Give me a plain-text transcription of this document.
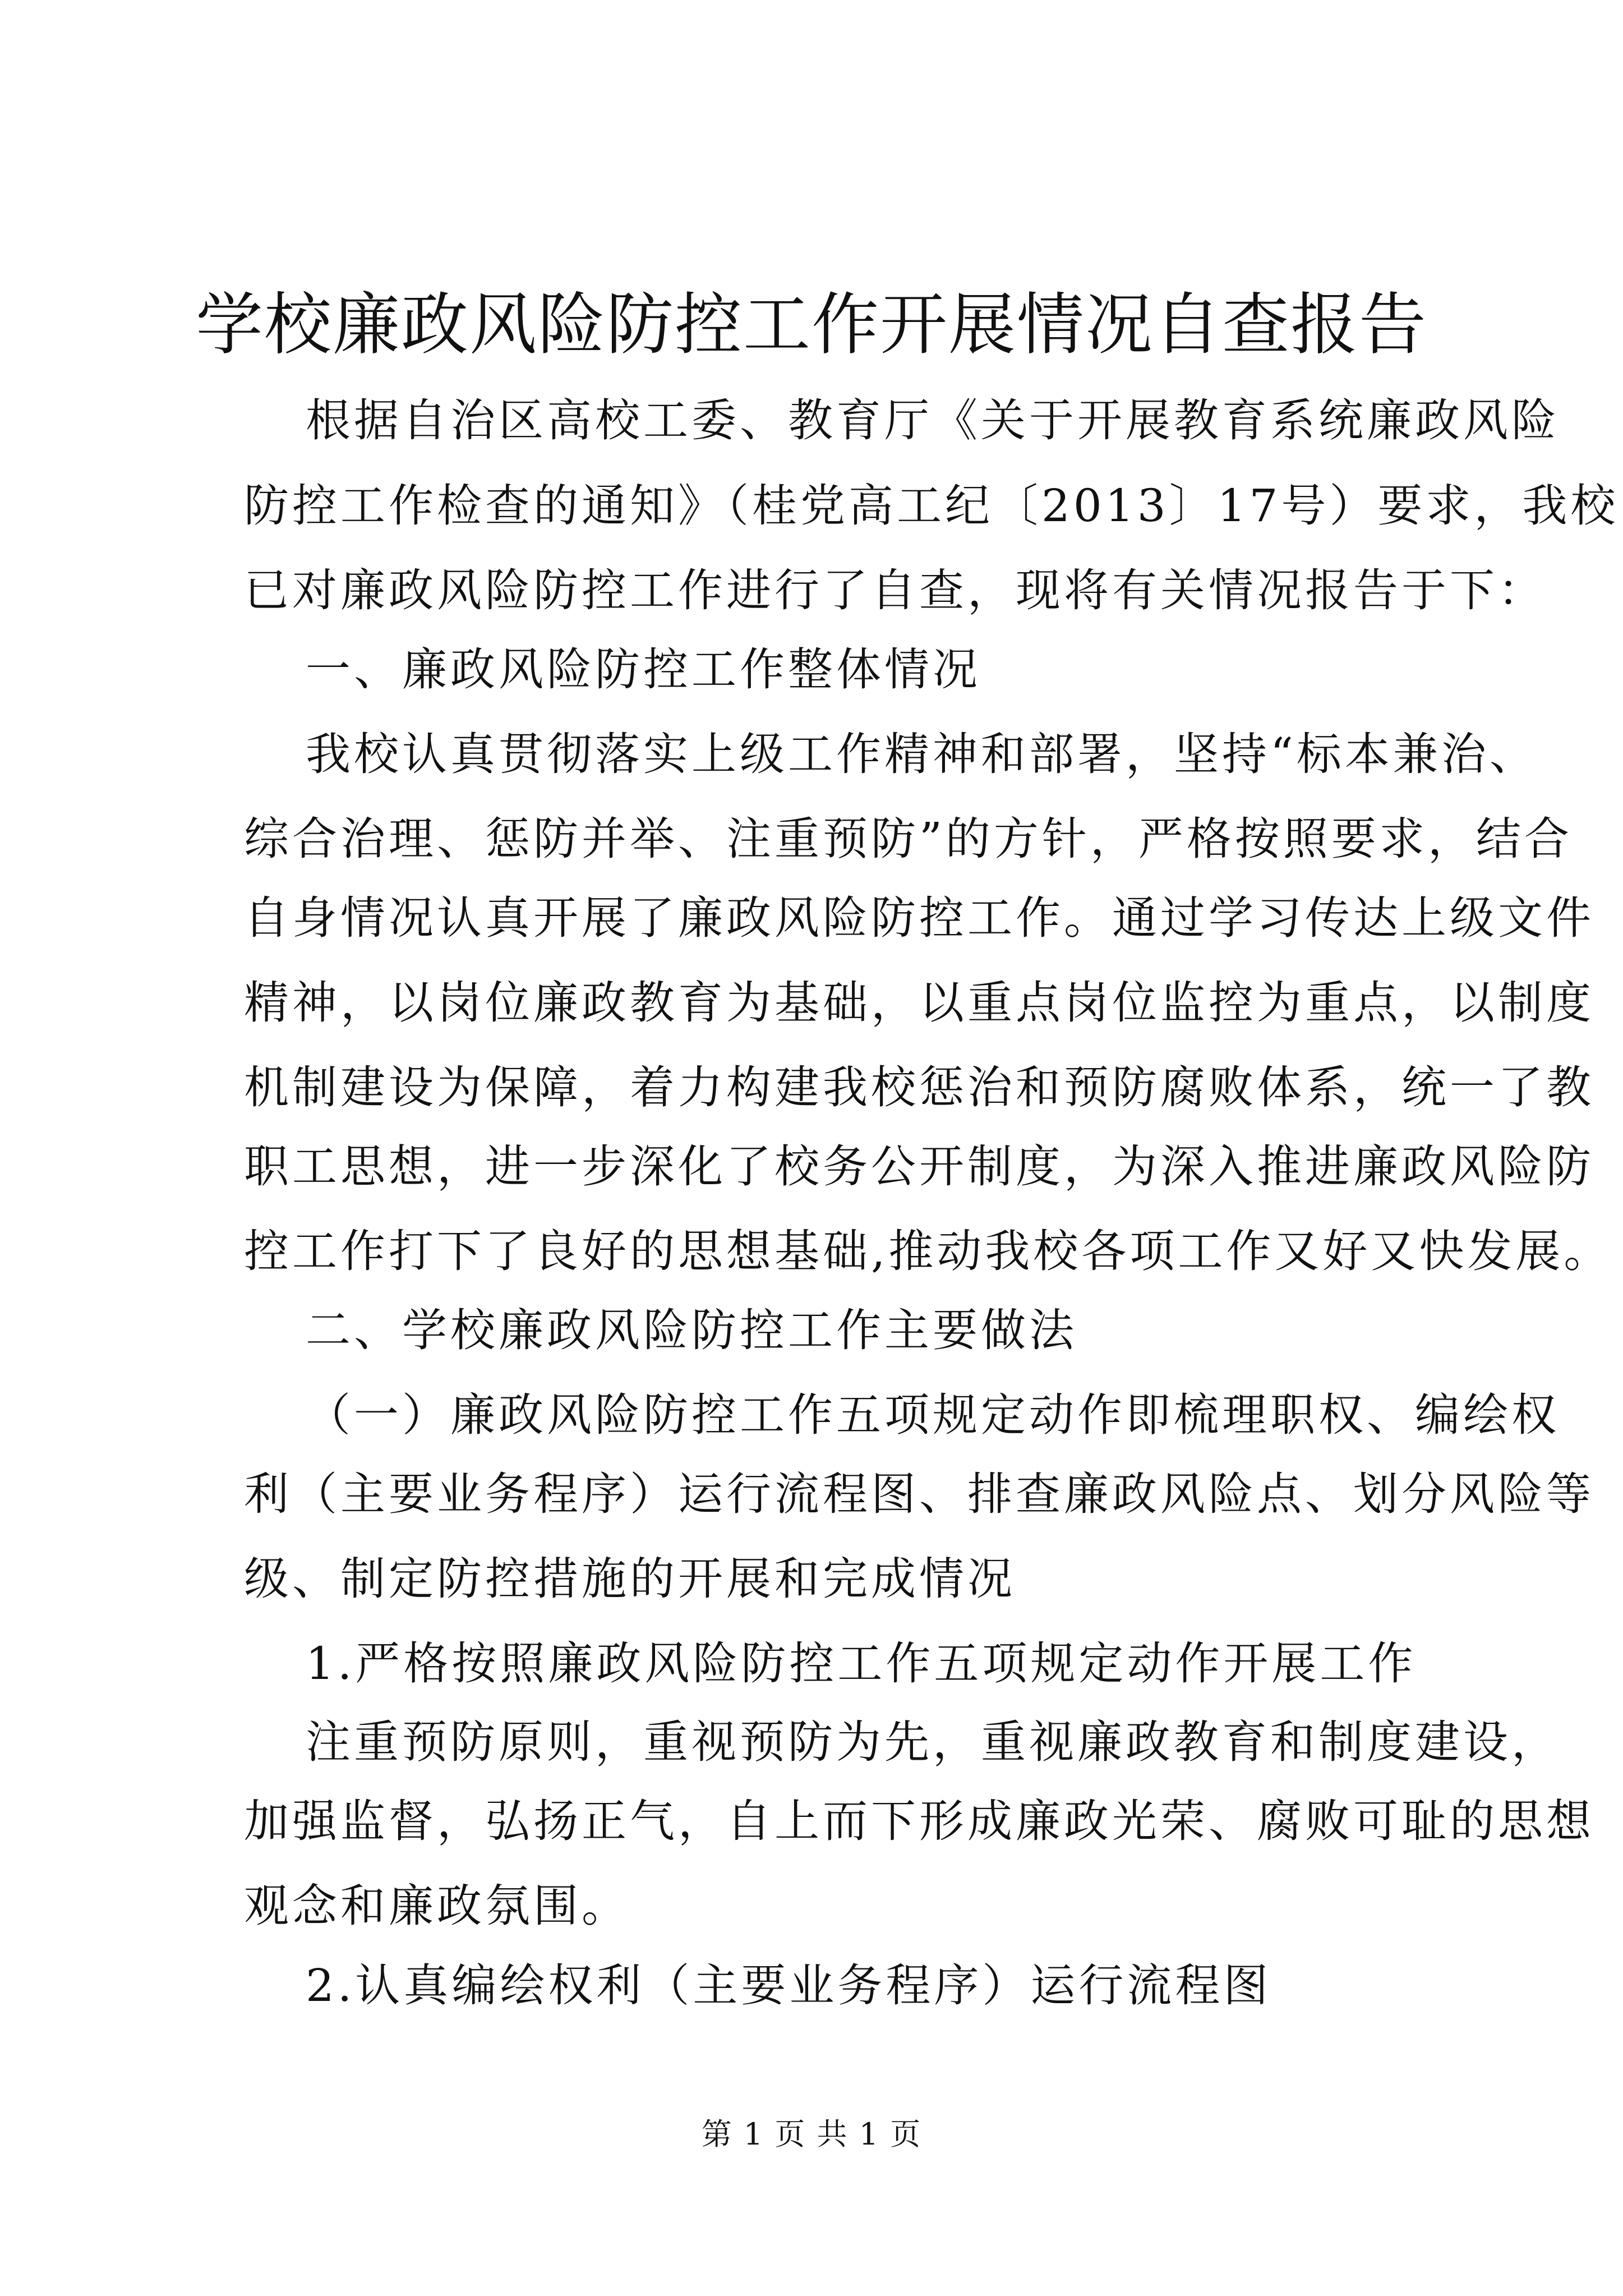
学校廉政风险防控工作开展情况自查报告
根据自治区高校工委、教育厅《关于开展教育系统廉政风险
防控工作检查的通知》（桂党高工纪〔2013〕17号）要求，我校
已对廉政风险防控工作进行了自查，现将有关情况报告于下：
一、廉政风险防控工作整体情况
我校认真贯彻落实上级工作精神和部署，坚持“标本兼治、
综合治理、惩防并举、注重预防”的方针，严格按照要求，结合
自身情况认真开展了廉政风险防控工作。通过学习传达上级文件
精神，以岗位廉政教育为基础，以重点岗位监控为重点，以制度
机制建设为保障，着力构建我校惩治和预防腐败体系，统一了教
职工思想，进一步深化了校务公开制度，为深入推进廉政风险防
控工作打下了良好的思想基础,推动我校各项工作又好又快发展。
二、学校廉政风险防控工作主要做法
（一）廉政风险防控工作五项规定动作即梳理职权、编绘权
利（主要业务程序）运行流程图、排查廉政风险点、划分风险等
级、制定防控措施的开展和完成情况
1.严格按照廉政风险防控工作五项规定动作开展工作
注重预防原则，重视预防为先，重视廉政教育和制度建设，
加强监督，弘扬正气，自上而下形成廉政光荣、腐败可耻的思想
观念和廉政氛围。
2.认真编绘权利（主要业务程序）运行流程图
第 1 页 共 1 页
